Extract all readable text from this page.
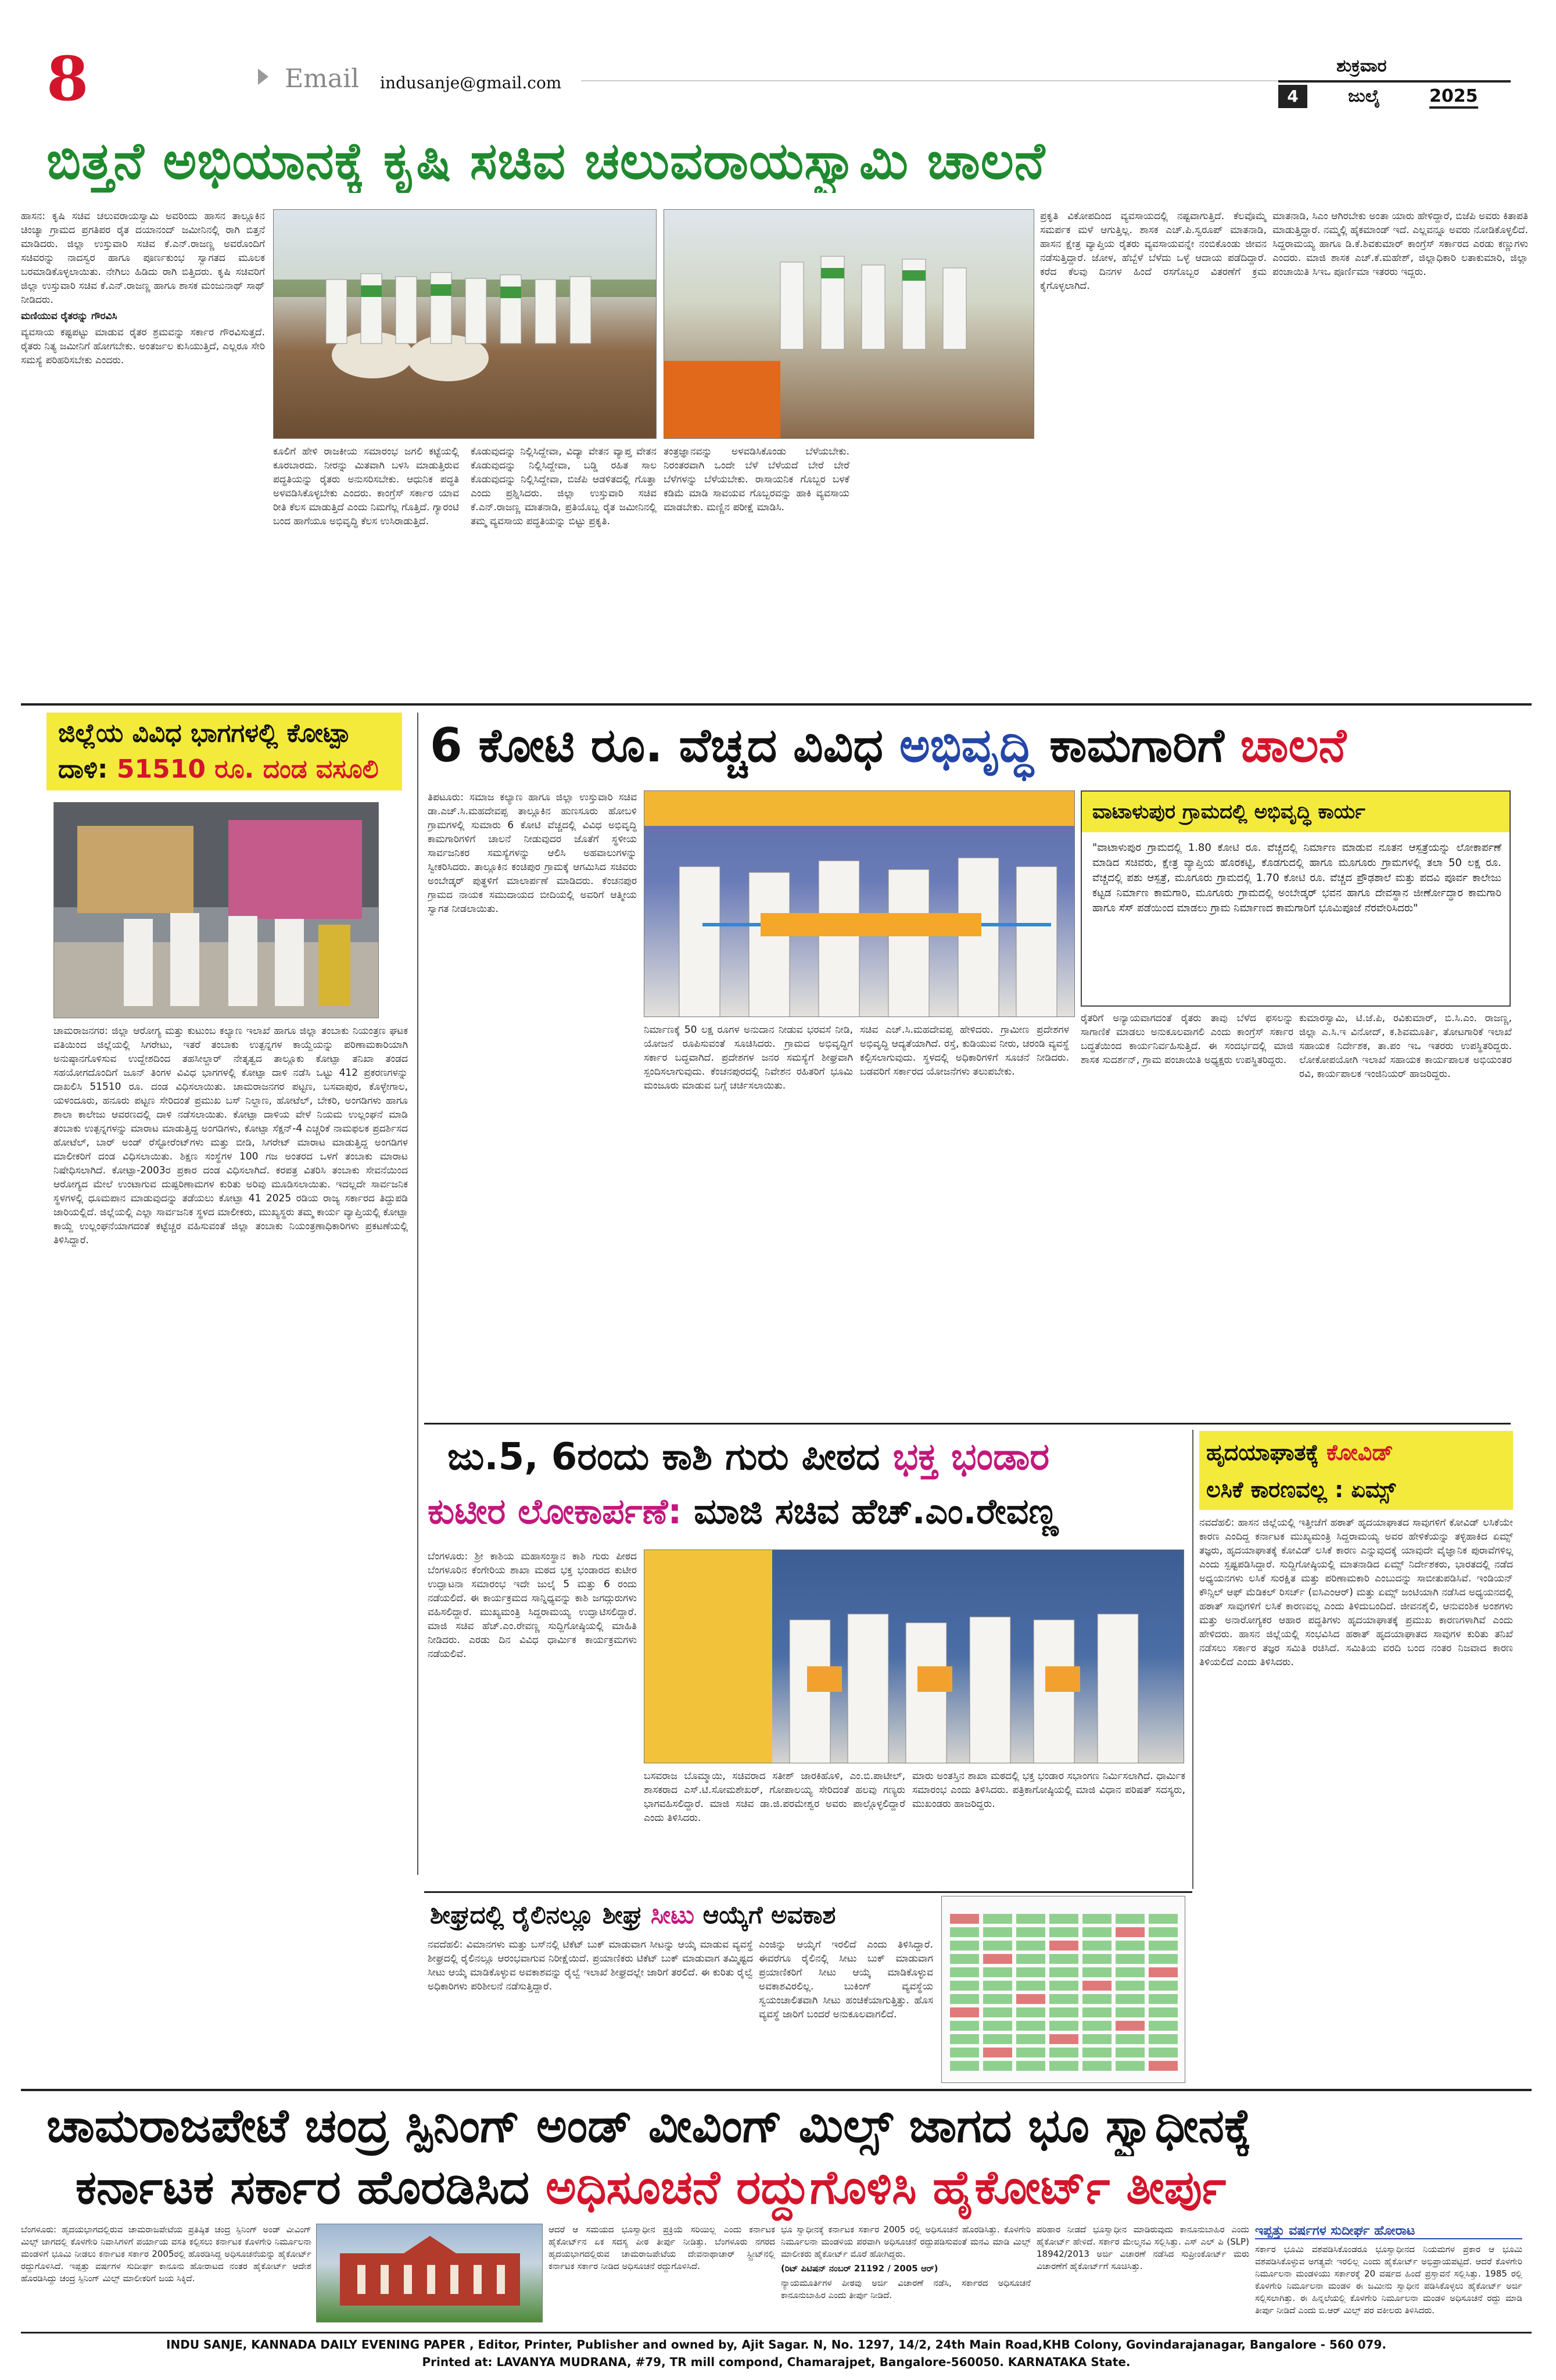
8	Email indusanje@gmail.com
ಶುಕ್ರವಾರ
4	ಜುಲೈ	2025
ಬಿತ್ತನೆ ಅಭಿಯಾನಕ್ಕೆ ಕೃಷಿ ಸಚಿವ ಚಲುವರಾಯಸ್ವಾಮಿ ಚಾಲನೆ

ಹಾಸನ: ಕೃಷಿ ಸಚಿವ ಚಲುವರಾಯಸ್ವಾಮಿ ಅವರಿಂದು ಹಾಸನ ತಾಲ್ಲೂಕಿನ ಚಿಂಚ್ಯಾ ಗ್ರಾಮದ ಪ್ರಗತಿಪರ ರೈತ ದಯಾನಂದ್ ಜಮೀನಿನಲ್ಲಿ ರಾಗಿ ಬಿತ್ತನೆ ಮಾಡಿದರು. ಜಿಲ್ಲಾ ಉಸ್ತುವಾರಿ ಸಚಿವ ಕೆ.ಎನ್.ರಾಜಣ್ಣ ಅವರೊಂದಿಗೆ ಸಚಿವರನ್ನು ನಾದಸ್ವರ ಹಾಗೂ ಪೂರ್ಣಕುಂಭ ಸ್ವಾಗತದ ಮೂಲಕ ಬರಮಾಡಿಕೊಳ್ಳಲಾಯಿತು. ನೇಗಿಲು ಹಿಡಿದು ರಾಗಿ ಬಿತ್ತಿದರು. ಕೃಷಿ ಸಚಿವರಿಗೆ ಜಿಲ್ಲಾ ಉಸ್ತುವಾರಿ ಸಚಿವ ಕೆ.ಎನ್.ರಾಜಣ್ಣ ಹಾಗೂ ಶಾಸಕ ಮಂಜುನಾಥ್ ಸಾಥ್ ನೀಡಿದರು.

ಮಣಿಯುವ ರೈತರನ್ನು ಗೌರವಿಸಿ

ವ್ಯವಸಾಯ ಕಷ್ಟಪಟ್ಟು ಮಾಡುವ ರೈತರ ಶ್ರಮವನ್ನು ಸರ್ಕಾರ ಗೌರವಿಸುತ್ತದೆ. ರೈತರು ನಿತ್ಯ ಜಮೀನಿಗೆ ಹೋಗಬೇಕು. ಅಂತರ್ಜಲ ಕುಸಿಯುತ್ತಿದೆ, ಎಲ್ಲರೂ ಸೇರಿ ಸಮಸ್ಯೆ ಪರಿಹರಿಸಬೇಕು ಎಂದರು.

ಕೂಲಿಗೆ ಹೇಳಿ ರಾಜಕೀಯ ಸಮಾರಂಭ ಜಗಲಿ ಕಟ್ಟೆಯಲ್ಲಿ ಕೂರಬಾರದು. ನೀರನ್ನು ಮಿತವಾಗಿ ಬಳಸಿ ಮಾಡುತ್ತಿರುವ ಪದ್ಧತಿಯನ್ನು ರೈತರು ಅನುಸರಿಸಬೇಕು. ಆಧುನಿಕ ಪದ್ಧತಿ ಅಳವಡಿಸಿಕೊಳ್ಳಬೇಕು ಎಂದರು. ಕಾಂಗ್ರೆಸ್ ಸರ್ಕಾರ ಯಾವ ರೀತಿ ಕೆಲಸ ಮಾಡುತ್ತಿದೆ ಎಂದು ನಿಮಗೆಲ್ಲ ಗೊತ್ತಿದೆ. ಗ್ಯಾರಂಟಿ ಬಂದ ಹಾಗೆಯೂ ಅಭಿವೃದ್ಧಿ ಕೆಲಸ ಉಸಿರಾಡುತ್ತಿದೆ.
ಕೊಡುವುದನ್ನು ನಿಲ್ಲಿಸಿದ್ದೇವಾ, ವಿದ್ಯಾ ವೇತನ ವ್ಯಾಪ್ತ ವೇತನ ಕೊಡುವುದನ್ನು ನಿಲ್ಲಿಸಿದ್ದೇವಾ, ಬಡ್ಡಿ ರಹಿತ ಸಾಲ ಕೊಡುವುದನ್ನು ನಿಲ್ಲಿಸಿದ್ದೇವಾ, ಬಿಜೆಪಿ ಆಡಳಿತದಲ್ಲಿ ಗೊತ್ತಾ ಎಂದು ಪ್ರಶ್ನಿಸಿದರು. ಜಿಲ್ಲಾ ಉಸ್ತುವಾರಿ ಸಚಿವ ಕೆ.ಎನ್.ರಾಜಣ್ಣ ಮಾತನಾಡಿ, ಪ್ರತಿಯೊಬ್ಬ ರೈತ ಜಮೀನಿನಲ್ಲಿ ತಮ್ಮ ವ್ಯವಸಾಯ ಪದ್ಧತಿಯನ್ನು ಬಿಟ್ಟು ಪ್ರಕೃತಿ.
ತಂತ್ರಜ್ಞಾನವನ್ನು ಅಳವಡಿಸಿಕೊಂಡು ಬೆಳೆಯಬೇಕು. ನಿರಂತರವಾಗಿ ಒಂದೇ ಬೆಳೆ ಬೆಳೆಯದೆ ಬೇರೆ ಬೇರೆ ಬೆಳೆಗಳನ್ನು ಬೆಳೆಯಬೇಕು. ರಾಸಾಯನಿಕ ಗೊಬ್ಬರ ಬಳಕೆ ಕಡಿಮೆ ಮಾಡಿ ಸಾವಯವ ಗೊಬ್ಬರವನ್ನು ಹಾಕಿ ವ್ಯವಸಾಯ ಮಾಡಬೇಕು. ಮಣ್ಣಿನ ಪರೀಕ್ಷೆ ಮಾಡಿಸಿ.
ಪ್ರಕೃತಿ ವಿಕೋಪದಿಂದ ವ್ಯವಸಾಯದಲ್ಲಿ ನಷ್ಟವಾಗುತ್ತಿದೆ. ಕೆಲವೊಮ್ಮೆ ಸಮರ್ಪಕ ಮಳೆ ಆಗುತ್ತಿಲ್ಲ. ಶಾಸಕ ಎಚ್.ಪಿ.ಸ್ವರೂಪ್ ಮಾತನಾಡಿ, ಹಾಸನ ಕ್ಷೇತ್ರ ವ್ಯಾಪ್ತಿಯ ರೈತರು ವ್ಯವಸಾಯವನ್ನೇ ನಂಬಿಕೊಂಡು ಜೀವನ ನಡೆಸುತ್ತಿದ್ದಾರೆ. ಜೋಳ, ಹೆಬ್ಬೆಳೆ ಬೆಳೆದು ಒಳ್ಳೆ ಆದಾಯ ಪಡೆದಿದ್ದಾರೆ. ಕರೆದ ಕೆಲವು ದಿನಗಳ ಹಿಂದೆ ರಸಗೊಬ್ಬರ ವಿತರಣೆಗೆ ಕ್ರಮ ಕೈಗೊಳ್ಳಲಾಗಿದೆ.
ಮಾತನಾಡಿ, ಸಿಎಂ ಆಗಿರಬೇಕು ಅಂತಾ ಯಾರು ಹೇಳಿದ್ದಾರೆ, ಬಿಜೆಪಿ ಅವರು ಕಿತಾಪತಿ ಮಾಡುತ್ತಿದ್ದಾರೆ. ನಮ್ಮಲ್ಲಿ ಹೈಕಮಾಂಡ್ ಇದೆ. ಎಲ್ಲವನ್ನೂ ಅವರು ನೋಡಿಕೊಳ್ಳಲಿದೆ. ಸಿದ್ದರಾಮಯ್ಯ ಹಾಗೂ ಡಿ.ಕೆ.ಶಿವಕುಮಾರ್ ಕಾಂಗ್ರೆಸ್ ಸರ್ಕಾರದ ಎರಡು ಕಣ್ಣುಗಳು ಎಂದರು. ಮಾಜಿ ಶಾಸಕ ಎಚ್.ಕೆ.ಮಹೇಶ್, ಜಿಲ್ಲಾಧಿಕಾರಿ ಲತಾಕುಮಾರಿ, ಜಿಲ್ಲಾ ಪಂಚಾಯಿತಿ ಸಿಇಒ ಪೂರ್ಣಿಮಾ ಇತರರು ಇದ್ದರು.
ಜಿಲ್ಲೆಯ ವಿವಿಧ ಭಾಗಗಳಲ್ಲಿ ಕೋಟ್ಪಾ
ದಾಳಿ: 51510 ರೂ. ದಂಡ ವಸೂಲಿ
ಚಾಮರಾಜನಗರ: ಜಿಲ್ಲಾ ಆರೋಗ್ಯ ಮತ್ತು ಕುಟುಂಬ ಕಲ್ಯಾಣ ಇಲಾಖೆ ಹಾಗೂ ಜಿಲ್ಲಾ ತಂಬಾಕು ನಿಯಂತ್ರಣ ಘಟಕ ವತಿಯಿಂದ ಜಿಲ್ಲೆಯಲ್ಲಿ ಸಿಗರೇಟು, ಇತರೆ ತಂಬಾಕು ಉತ್ಪನ್ನಗಳ ಕಾಯ್ದೆಯನ್ನು ಪರಿಣಾಮಕಾರಿಯಾಗಿ ಅನುಷ್ಠಾನಗೊಳಿಸುವ ಉದ್ದೇಶದಿಂದ ತಹಸೀಲ್ದಾರ್ ನೇತೃತ್ವದ ತಾಲ್ಲೂಕು ಕೋಟ್ಪಾ ತನಿಖಾ ತಂಡದ ಸಹಯೋಗದೊಂದಿಗೆ ಜೂನ್ ತಿಂಗಳ ವಿವಿಧ ಭಾಗಗಳಲ್ಲಿ ಕೋಟ್ಪಾ ದಾಳಿ ನಡೆಸಿ ಒಟ್ಟು 412 ಪ್ರಕರಣಗಳನ್ನು ದಾಖಲಿಸಿ 51510 ರೂ. ದಂಡ ವಿಧಿಸಲಾಯಿತು. ಚಾಮರಾಜನಗರ ಪಟ್ಟಣ, ಬಸವಾಪುರ, ಕೊಳ್ಳೇಗಾಲ, ಯಳಂದೂರು, ಹನೂರು ಪಟ್ಟಣ ಸೇರಿದಂತೆ ಪ್ರಮುಖ ಬಸ್ ನಿಲ್ದಾಣ, ಹೋಟೆಲ್, ಬೇಕರಿ, ಅಂಗಡಿಗಳು ಹಾಗೂ ಶಾಲಾ ಕಾಲೇಜು ಆವರಣದಲ್ಲಿ ದಾಳಿ ನಡೆಸಲಾಯಿತು. ಕೋಟ್ಪಾ ದಾಳಿಯ ವೇಳೆ ನಿಯಮ ಉಲ್ಲಂಘನೆ ಮಾಡಿ ತಂಬಾಕು ಉತ್ಪನ್ನಗಳನ್ನು ಮಾರಾಟ ಮಾಡುತ್ತಿದ್ದ ಅಂಗಡಿಗಳು, ಕೋಟ್ಪಾ ಸೆಕ್ಷನ್-4 ಎಚ್ಚರಿಕೆ ನಾಮಫಲಕ ಪ್ರದರ್ಶಿಸದ ಹೋಟೆಲ್, ಬಾರ್ ಅಂಡ್ ರೆಸ್ಟೋರೆಂಟ್‌ಗಳು ಮತ್ತು ಬೀಡಿ, ಸಿಗರೇಟ್ ಮಾರಾಟ ಮಾಡುತ್ತಿದ್ದ ಅಂಗಡಿಗಳ ಮಾಲೀಕರಿಗೆ ದಂಡ ವಿಧಿಸಲಾಯಿತು. ಶಿಕ್ಷಣ ಸಂಸ್ಥೆಗಳ 100 ಗಜ ಅಂತರದ ಒಳಗೆ ತಂಬಾಕು ಮಾರಾಟ ನಿಷೇಧಿಸಲಾಗಿದೆ. ಕೋಟ್ಪಾ-2003ರ ಪ್ರಕಾರ ದಂಡ ವಿಧಿಸಲಾಗಿದೆ. ಕರಪತ್ರ ವಿತರಿಸಿ ತಂಬಾಕು ಸೇವನೆಯಿಂದ ಆರೋಗ್ಯದ ಮೇಲೆ ಉಂಟಾಗುವ ದುಷ್ಪರಿಣಾಮಗಳ ಕುರಿತು ಅರಿವು ಮೂಡಿಸಲಾಯಿತು. ಇದಲ್ಲದೇ ಸಾರ್ವಜನಿಕ ಸ್ಥಳಗಳಲ್ಲಿ ಧೂಮಪಾನ ಮಾಡುವುದನ್ನು ತಡೆಯಲು ಕೋಟ್ಪಾ 41 2025 ರಡಿಯ ರಾಜ್ಯ ಸರ್ಕಾರದ ತಿದ್ದುಪಡಿ ಜಾರಿಯಲ್ಲಿದೆ. ಜಿಲ್ಲೆಯಲ್ಲಿ ಎಲ್ಲಾ ಸಾರ್ವಜನಿಕ ಸ್ಥಳದ ಮಾಲೀಕರು, ಮುಖ್ಯಸ್ಥರು ತಮ್ಮ ಕಾರ್ಯ ವ್ಯಾಪ್ತಿಯಲ್ಲಿ ಕೋಟ್ಪಾ ಕಾಯ್ದೆ ಉಲ್ಲಂಘನೆಯಾಗದಂತೆ ಕಟ್ಟೆಚ್ಚರ ವಹಿಸುವಂತೆ ಜಿಲ್ಲಾ ತಂಬಾಕು ನಿಯಂತ್ರಣಾಧಿಕಾರಿಗಳು ಪ್ರಕಟಣೆಯಲ್ಲಿ ತಿಳಿಸಿದ್ದಾರೆ.
6 ಕೋಟಿ ರೂ. ವೆಚ್ಚದ ವಿವಿಧ ಅಭಿವೃದ್ಧಿ ಕಾಮಗಾರಿಗೆ ಚಾಲನೆ
ತಿಪಟೂರು: ಸಮಾಜ ಕಲ್ಯಾಣ ಹಾಗೂ ಜಿಲ್ಲಾ ಉಸ್ತುವಾರಿ ಸಚಿವ ಡಾ.ಎಚ್.ಸಿ.ಮಹದೇವಪ್ಪ ತಾಲ್ಲೂಕಿನ ಹುಣಸೂರು ಹೋಬಳಿ ಗ್ರಾಮಗಳಲ್ಲಿ ಸುಮಾರು 6 ಕೋಟಿ ವೆಚ್ಚದಲ್ಲಿ ವಿವಿಧ ಅಭಿವೃದ್ಧಿ ಕಾಮಗಾರಿಗಳಿಗೆ ಚಾಲನೆ ನೀಡುವುದರ ಜೊತೆಗೆ ಸ್ಥಳೀಯ ಸಾರ್ವಜನಿಕರ ಸಮಸ್ಯೆಗಳನ್ನು ಆಲಿಸಿ ಅಹವಾಲುಗಳನ್ನು ಸ್ವೀಕರಿಸಿದರು. ತಾಲ್ಲೂಕಿನ ಕಂಚಿಪುರ ಗ್ರಾಮಕ್ಕೆ ಆಗಮಿಸಿದ ಸಚಿವರು ಅಂಬೇಡ್ಕರ್ ಪುತ್ಥಳಿಗೆ ಮಾಲಾರ್ಪಣೆ ಮಾಡಿದರು. ಕೆಂಚನಪುರ ಗ್ರಾಮದ ನಾಯಕ ಸಮುದಾಯದ ಬೀದಿಯಲ್ಲಿ ಅವರಿಗೆ ಆತ್ಮೀಯ ಸ್ವಾಗತ ನೀಡಲಾಯಿತು.
ವಾಟಾಳುಪುರ ಗ್ರಾಮದಲ್ಲಿ ಅಭಿವೃದ್ಧಿ ಕಾರ್ಯ
"ವಾಟಾಳುಪುರ ಗ್ರಾಮದಲ್ಲಿ 1.80 ಕೋಟಿ ರೂ. ವೆಚ್ಚದಲ್ಲಿ ನಿರ್ಮಾಣ ಮಾಡುವ ನೂತನ ಆಸ್ಪತ್ರೆಯನ್ನು ಲೋಕಾರ್ಪಣೆ ಮಾಡಿದ ಸಚಿವರು, ಕ್ಷೇತ್ರ ವ್ಯಾಪ್ತಿಯ ಹೊರಕಟ್ಟಿ, ಕೊಡಗುದಲ್ಲಿ ಹಾಗೂ ಮೂಗೂರು ಗ್ರಾಮಗಳಲ್ಲಿ ತಲಾ 50 ಲಕ್ಷ ರೂ. ವೆಚ್ಚದಲ್ಲಿ ಪಶು ಆಸ್ಪತ್ರೆ, ಮೂಗೂರು ಗ್ರಾಮದಲ್ಲಿ 1.70 ಕೋಟಿ ರೂ. ವೆಚ್ಚದ ಪ್ರೌಢಶಾಲೆ ಮತ್ತು ಪದವಿ ಪೂರ್ವ ಕಾಲೇಜು ಕಟ್ಟಡ ನಿರ್ಮಾಣ ಕಾಮಗಾರಿ, ಮೂಗೂರು ಗ್ರಾಮದಲ್ಲಿ ಅಂಬೇಡ್ಕರ್ ಭವನ ಹಾಗೂ ದೇವಸ್ಥಾನ ಜೀರ್ಣೋದ್ಧಾರ ಕಾಮಗಾರಿ ಹಾಗೂ ಸೆಸ್ ಪಡೆಯಿಂದ ಮಾಡಲು ಗ್ರಾಮ ನಿರ್ಮಾಣದ ಕಾಮಗಾರಿಗೆ ಭೂಮಿಪೂಜೆ ನೆರವೇರಿಸಿದರು"
ನಿರ್ಮಾಣಕ್ಕೆ 50 ಲಕ್ಷ ರೂಗಳ ಅನುದಾನ ನೀಡುವ ಭರವಸೆ ನೀಡಿ, ಯೋಜನೆ ರೂಪಿಸುವಂತೆ ಸೂಚಿಸಿದರು. ಗ್ರಾಮದ ಅಭಿವೃದ್ಧಿಗೆ ಸರ್ಕಾರ ಬದ್ಧವಾಗಿದೆ. ಪ್ರದೇಶಗಳ ಜನರ ಸಮಸ್ಯೆಗೆ ಶೀಘ್ರವಾಗಿ ಸ್ಪಂದಿಸಲಾಗುವುದು. ಕೆಂಚನಪುರದಲ್ಲಿ ನಿವೇಶನ ರಹಿತರಿಗೆ ಭೂಮಿ ಮಂಜೂರು ಮಾಡುವ ಬಗ್ಗೆ ಚರ್ಚಿಸಲಾಯಿತು.
ಸಚಿವ ಎಚ್.ಸಿ.ಮಹದೇವಪ್ಪ ಹೇಳಿದರು. ಗ್ರಾಮೀಣ ಪ್ರದೇಶಗಳ ಅಭಿವೃದ್ಧಿ ಆದ್ಯತೆಯಾಗಿದೆ. ರಸ್ತೆ, ಕುಡಿಯುವ ನೀರು, ಚರಂಡಿ ವ್ಯವಸ್ಥೆ ಕಲ್ಪಿಸಲಾಗುವುದು. ಸ್ಥಳದಲ್ಲಿ ಅಧಿಕಾರಿಗಳಿಗೆ ಸೂಚನೆ ನೀಡಿದರು. ಬಡವರಿಗೆ ಸರ್ಕಾರದ ಯೋಜನೆಗಳು ತಲುಪಬೇಕು.
ರೈತರಿಗೆ ಅನ್ಯಾಯವಾಗದಂತೆ ರೈತರು ತಾವು ಬೆಳೆದ ಫಸಲನ್ನು ಸಾಗಾಣಿಕೆ ಮಾಡಲು ಅನುಕೂಲವಾಗಲಿ ಎಂದು ಕಾಂಗ್ರೆಸ್ ಸರ್ಕಾರ ಬದ್ಧತೆಯಿಂದ ಕಾರ್ಯನಿರ್ವಹಿಸುತ್ತಿದೆ. ಈ ಸಂದರ್ಭದಲ್ಲಿ ಮಾಜಿ ಶಾಸಕ ಸುದರ್ಶನ್, ಗ್ರಾಮ ಪಂಚಾಯಿತಿ ಅಧ್ಯಕ್ಷರು ಉಪಸ್ಥಿತರಿದ್ದರು.
ಕುಮಾರಸ್ವಾಮಿ, ಟಿ.ಜೆ.ಪಿ, ರವಿಕುಮಾರ್, ಬಿ.ಸಿ.ಎಂ. ರಾಜಣ್ಣ, ಜಿಲ್ಲಾ ಎ.ಸಿ.ಇ ವಿನೋದ್, ಕ.ಶಿವಮೂರ್ತಿ, ತೋಟಗಾರಿಕೆ ಇಲಾಖೆ ಸಹಾಯಕ ನಿರ್ದೇಶಕ, ತಾ.ಪಂ ಇಒ ಇತರರು ಉಪಸ್ಥಿತರಿದ್ದರು. ಲೋಕೋಪಯೋಗಿ ಇಲಾಖೆ ಸಹಾಯಕ ಕಾರ್ಯಪಾಲಕ ಅಭಿಯಂತರ ರವಿ, ಕಾರ್ಯಪಾಲಕ ಇಂಜಿನಿಯರ್ ಹಾಜರಿದ್ದರು.
ಜು.5, 6ರಂದು ಕಾಶಿ ಗುರು ಪೀಠದ ಭಕ್ತ ಭಂಡಾರ
ಕುಟೀರ ಲೋಕಾರ್ಪಣೆ: ಮಾಜಿ ಸಚಿವ ಹೆಚ್.ಎಂ.ರೇವಣ್ಣ
ಬೆಂಗಳೂರು: ಶ್ರೀ ಕಾಶಿಯ ಮಹಾಸಂಸ್ಥಾನ ಕಾಶಿ ಗುರು ಪೀಠದ ಬೆಂಗಳೂರಿನ ಕೆಂಗೇರಿಯ ಶಾಖಾ ಮಠದ ಭಕ್ತ ಭಂಡಾರದ ಕುಟೀರ ಉದ್ಘಾಟನಾ ಸಮಾರಂಭ ಇದೇ ಜುಲೈ 5 ಮತ್ತು 6 ರಂದು ನಡೆಯಲಿದೆ. ಈ ಕಾರ್ಯಕ್ರಮದ ಸಾನ್ನಿಧ್ಯವನ್ನು ಕಾಶಿ ಜಗದ್ಗುರುಗಳು ವಹಿಸಲಿದ್ದಾರೆ. ಮುಖ್ಯಮಂತ್ರಿ ಸಿದ್ದರಾಮಯ್ಯ ಉದ್ಘಾಟಿಸಲಿದ್ದಾರೆ. ಮಾಜಿ ಸಚಿವ ಹೆಚ್.ಎಂ.ರೇವಣ್ಣ ಸುದ್ದಿಗೋಷ್ಠಿಯಲ್ಲಿ ಮಾಹಿತಿ ನೀಡಿದರು. ಎರಡು ದಿನ ವಿವಿಧ ಧಾರ್ಮಿಕ ಕಾರ್ಯಕ್ರಮಗಳು ನಡೆಯಲಿವೆ.
ಬಸವರಾಜ ಬೊಮ್ಮಾಯಿ, ಸಚಿವರಾದ ಸತೀಶ್ ಜಾರಕಿಹೊಳಿ, ಎಂ.ಬಿ.ಪಾಟೀಲ್, ಶಾಸಕರಾದ ಎಸ್.ಟಿ.ಸೋಮಶೇಖರ್, ಗೋಪಾಲಯ್ಯ ಸೇರಿದಂತೆ ಹಲವು ಗಣ್ಯರು ಭಾಗವಹಿಸಲಿದ್ದಾರೆ. ಮಾಜಿ ಸಚಿವ ಡಾ.ಜಿ.ಪರಮೇಶ್ವರ ಅವರು ಪಾಲ್ಗೊಳ್ಳಲಿದ್ದಾರೆ ಎಂದು ತಿಳಿಸಿದರು.
ಮಾರು ಅಂತಸ್ತಿನ ಶಾಖಾ ಮಠದಲ್ಲಿ ಭಕ್ತ ಭಂಡಾರ ಸಭಾಂಗಣ ನಿರ್ಮಿಸಲಾಗಿದೆ. ಧಾರ್ಮಿಕ ಸಮಾರಂಭ ಎಂದು ತಿಳಿಸಿದರು. ಪತ್ರಿಕಾಗೋಷ್ಠಿಯಲ್ಲಿ ಮಾಜಿ ವಿಧಾನ ಪರಿಷತ್ ಸದಸ್ಯರು, ಮುಖಂಡರು ಹಾಜರಿದ್ದರು.
ಹೃದಯಾಘಾತಕ್ಕೆ ಕೋವಿಡ್
ಲಸಿಕೆ ಕಾರಣವಲ್ಲ : ಏಮ್ಸ್
ನವದೆಹಲಿ: ಹಾಸನ ಜಿಲ್ಲೆಯಲ್ಲಿ ಇತ್ತೀಚೆಗೆ ಹಠಾತ್ ಹೃದಯಾಘಾತದ ಸಾವುಗಳಿಗೆ ಕೋವಿಡ್ ಲಸಿಕೆಯೇ ಕಾರಣ ಎಂದಿದ್ದ ಕರ್ನಾಟಕ ಮುಖ್ಯಮಂತ್ರಿ ಸಿದ್ದರಾಮಯ್ಯ ಅವರ ಹೇಳಿಕೆಯನ್ನು ತಳ್ಳಿಹಾಕಿದ ಏಮ್ಸ್ ತಜ್ಞರು, ಹೃದಯಾಘಾತಕ್ಕೆ ಕೋವಿಡ್ ಲಸಿಕೆ ಕಾರಣ ಎನ್ನುವುದಕ್ಕೆ ಯಾವುದೇ ವೈಜ್ಞಾನಿಕ ಪುರಾವೆಗಳಿಲ್ಲ ಎಂದು ಸ್ಪಷ್ಟಪಡಿಸಿದ್ದಾರೆ. ಸುದ್ದಿಗೋಷ್ಠಿಯಲ್ಲಿ ಮಾತನಾಡಿದ ಏಮ್ಸ್ ನಿರ್ದೇಶಕರು, ಭಾರತದಲ್ಲಿ ನಡೆದ ಅಧ್ಯಯನಗಳು ಲಸಿಕೆ ಸುರಕ್ಷಿತ ಮತ್ತು ಪರಿಣಾಮಕಾರಿ ಎಂಬುದನ್ನು ಸಾಬೀತುಪಡಿಸಿವೆ. ಇಂಡಿಯನ್ ಕೌನ್ಸಿಲ್ ಆಫ್ ಮೆಡಿಕಲ್ ರಿಸರ್ಚ್ (ಐಸಿಎಂಆರ್) ಮತ್ತು ಏಮ್ಸ್ ಜಂಟಿಯಾಗಿ ನಡೆಸಿದ ಅಧ್ಯಯನದಲ್ಲಿ ಹಠಾತ್ ಸಾವುಗಳಿಗೆ ಲಸಿಕೆ ಕಾರಣವಲ್ಲ ಎಂದು ತಿಳಿದುಬಂದಿದೆ. ಜೀವನಶೈಲಿ, ಆನುವಂಶಿಕ ಅಂಶಗಳು ಮತ್ತು ಅನಾರೋಗ್ಯಕರ ಆಹಾರ ಪದ್ಧತಿಗಳು ಹೃದಯಾಘಾತಕ್ಕೆ ಪ್ರಮುಖ ಕಾರಣಗಳಾಗಿವೆ ಎಂದು ಹೇಳಿದರು. ಹಾಸನ ಜಿಲ್ಲೆಯಲ್ಲಿ ಸಂಭವಿಸಿದ ಹಠಾತ್ ಹೃದಯಾಘಾತದ ಸಾವುಗಳ ಕುರಿತು ತನಿಖೆ ನಡೆಸಲು ಸರ್ಕಾರ ತಜ್ಞರ ಸಮಿತಿ ರಚಿಸಿದೆ. ಸಮಿತಿಯ ವರದಿ ಬಂದ ನಂತರ ನಿಜವಾದ ಕಾರಣ ತಿಳಿಯಲಿದೆ ಎಂದು ತಿಳಿಸಿದರು.
ಶೀಘ್ರದಲ್ಲಿ ರೈಲಿನಲ್ಲೂ ಶೀಘ್ರ ಸೀಟು ಆಯ್ಕೆಗೆ ಅವಕಾಶ
ನವದೆಹಲಿ: ವಿಮಾನಗಳು ಮತ್ತು ಬಸ್‌ನಲ್ಲಿ ಟಿಕೆಟ್ ಬುಕ್ ಮಾಡುವಾಗ ಸೀಟನ್ನು ಆಯ್ಕೆ ಮಾಡುವ ವ್ಯವಸ್ಥೆ ಶೀಘ್ರದಲ್ಲಿ ರೈಲಿನಲ್ಲೂ ಆರಂಭವಾಗುವ ನಿರೀಕ್ಷೆಯಿದೆ. ಪ್ರಯಾಣಿಕರು ಟಿಕೆಟ್ ಬುಕ್ ಮಾಡುವಾಗ ತಮ್ಮಿಷ್ಟದ ಸೀಟು ಆಯ್ಕೆ ಮಾಡಿಕೊಳ್ಳುವ ಅವಕಾಶವನ್ನು ರೈಲ್ವೆ ಇಲಾಖೆ ಶೀಘ್ರದಲ್ಲೇ ಜಾರಿಗೆ ತರಲಿದೆ. ಈ ಕುರಿತು ರೈಲ್ವೆ ಅಧಿಕಾರಿಗಳು ಪರಿಶೀಲನೆ ನಡೆಸುತ್ತಿದ್ದಾರೆ.
ಎಂಜಿನ್ನು ಆಯ್ಕೆಗೆ ಇರಲಿದೆ ಎಂದು ತಿಳಿಸಿದ್ದಾರೆ. ಈವರೆಗೂ ರೈಲಿನಲ್ಲಿ ಸೀಟು ಬುಕ್ ಮಾಡುವಾಗ ಪ್ರಯಾಣಿಕರಿಗೆ ಸೀಟು ಆಯ್ಕೆ ಮಾಡಿಕೊಳ್ಳುವ ಅವಕಾಶವಿರಲಿಲ್ಲ. ಬುಕಿಂಗ್ ವ್ಯವಸ್ಥೆಯ ಸ್ವಯಂಚಾಲಿತವಾಗಿ ಸೀಟು ಹಂಚಿಕೆಯಾಗುತ್ತಿತ್ತು. ಹೊಸ ವ್ಯವಸ್ಥೆ ಜಾರಿಗೆ ಬಂದರೆ ಅನುಕೂಲವಾಗಲಿದೆ.
ಚಾಮರಾಜಪೇಟೆ ಚಂದ್ರ ಸ್ಪಿನಿಂಗ್ ಅಂಡ್ ವೀವಿಂಗ್ ಮಿಲ್ಸ್ ಜಾಗದ ಭೂ ಸ್ವಾಧೀನಕ್ಕೆ
ಕರ್ನಾಟಕ ಸರ್ಕಾರ ಹೊರಡಿಸಿದ ಅಧಿಸೂಚನೆ ರದ್ದುಗೊಳಿಸಿ ಹೈಕೋರ್ಟ್ ತೀರ್ಪು
ಬೆಂಗಳೂರು: ಹೃದಯಭಾಗದಲ್ಲಿರುವ ಚಾಮರಾಜಪೇಟೆಯ ಪ್ರತಿಷ್ಠಿತ ಚಂದ್ರ ಸ್ಪಿನಿಂಗ್ ಅಂಡ್ ವೀವಿಂಗ್ ಮಿಲ್ಸ್ ಜಾಗದಲ್ಲಿ ಕೊಳಗೇರಿ ನಿವಾಸಿಗಳಿಗೆ ಪರ್ಯಾಯ ವಸತಿ ಕಲ್ಪಿಸಲು ಕರ್ನಾಟಕ ಕೊಳಗೇರಿ ನಿರ್ಮೂಲನಾ ಮಂಡಳಿಗೆ ಭೂಮಿ ನೀಡಲು ಕರ್ನಾಟಕ ಸರ್ಕಾರ 2005ರಲ್ಲಿ ಹೊರಡಿಸಿದ್ದ ಅಧಿಸೂಚನೆಯನ್ನು ಹೈಕೋರ್ಟ್ ರದ್ದುಗೊಳಿಸಿದೆ. ಇಪ್ಪತ್ತು ವರ್ಷಗಳ ಸುದೀರ್ಘ ಕಾನೂನು ಹೋರಾಟದ ನಂತರ ಹೈಕೋರ್ಟ್ ಆದೇಶ ಹೊರಡಿಸಿದ್ದು ಚಂದ್ರ ಸ್ಪಿನಿಂಗ್ ಮಿಲ್ಸ್ ಮಾಲೀಕರಿಗೆ ಜಯ ಸಿಕ್ಕಿದೆ.
ಆದರೆ ಆ ಸಮಯದ ಭೂಸ್ವಾಧೀನ ಪ್ರಕ್ರಿಯೆ ಸರಿಯಿಲ್ಲ ಎಂದು ಕರ್ನಾಟಕ ಹೈಕೋರ್ಟ್‌ನ ಏಕ ಸದಸ್ಯ ಪೀಠ ತೀರ್ಪು ನೀಡಿತ್ತು. ಬೆಂಗಳೂರು ನಗರದ ಹೃದಯಭಾಗದಲ್ಲಿರುವ ಚಾಮರಾಜಪೇಟೆಯ ದೇವನಾಥಾಚಾರ್ ಸ್ಟ್ರೀಟ್‌ನಲ್ಲಿ ಕರ್ನಾಟಕ ಸರ್ಕಾರ ನೀಡಿದ ಅಧಿಸೂಚನೆ ರದ್ದುಗೊಳಿಸಿದೆ.

ಭೂ ಸ್ವಾಧೀನಕ್ಕೆ ಕರ್ನಾಟಕ ಸರ್ಕಾರ 2005 ರಲ್ಲಿ ಅಧಿಸೂಚನೆ ಹೊರಡಿಸಿತ್ತು. ಕೊಳಗೇರಿ ನಿರ್ಮೂಲನಾ ಮಂಡಳಿಯ ಪರವಾಗಿ ಅಧಿಸೂಚನೆ ರದ್ದುಪಡಿಸುವಂತೆ ಮನವಿ ಮಾಡಿ ಮಿಲ್ಸ್ ಮಾಲೀಕರು ಹೈಕೋರ್ಟ್ ಮೊರೆ ಹೋಗಿದ್ದರು.

(ರಿಟ್ ಪಿಟಿಷನ್ ನಂಬರ್ 21192 / 2005 ಆರ್)

ನ್ಯಾಯಮೂರ್ತಿಗಳ ಪೀಠವು ಅರ್ಜಿ ವಿಚಾರಣೆ ನಡೆಸಿ, ಸರ್ಕಾರದ ಅಧಿಸೂಚನೆ ಕಾನೂನುಬಾಹಿರ ಎಂದು ತೀರ್ಪು ನೀಡಿದೆ.

ಪರಿಹಾರ ನೀಡದೆ ಭೂಸ್ವಾಧೀನ ಮಾಡಿರುವುದು ಕಾನೂನುಬಾಹಿರ ಎಂದು ಹೈಕೋರ್ಟ್ ಹೇಳಿದೆ. ಸರ್ಕಾರ ಮೇಲ್ಮನವಿ ಸಲ್ಲಿಸಿತ್ತು. ಎಸ್ ಎಲ್ ಪಿ (SLP) 18942/2013 ಅರ್ಜಿ ವಿಚಾರಣೆ ನಡೆಸಿದ ಸುಪ್ರೀಂಕೋರ್ಟ್ ಮರು ವಿಚಾರಣೆಗೆ ಹೈಕೋರ್ಟ್‌ಗೆ ಸೂಚಿಸಿತ್ತು.
ಇಪ್ಪತ್ತು ವರ್ಷಗಳ ಸುದೀರ್ಘ ಹೋರಾಟ
ಸರ್ಕಾರ ಭೂಮಿ ವಶಪಡಿಸಿಕೊಂಡರೂ ಭೂಸ್ವಾಧೀನದ ನಿಯಮಗಳ ಪ್ರಕಾರ ಆ ಭೂಮಿ ವಶಪಡಿಸಿಕೊಳ್ಳುವ ಅಗತ್ಯವೇ ಇರಲಿಲ್ಲ ಎಂದು ಹೈಕೋರ್ಟ್ ಅಭಿಪ್ರಾಯಪಟ್ಟಿದೆ. ಆದರೆ ಕೊಳಗೇರಿ ನಿರ್ಮೂಲನಾ ಮಂಡಳಿಯು ಸರ್ಕಾರಕ್ಕೆ 20 ವರ್ಷದ ಹಿಂದೆ ಪ್ರಸ್ತಾವನೆ ಸಲ್ಲಿಸಿತ್ತು. 1985 ರಲ್ಲಿ ಕೊಳಗೇರಿ ನಿರ್ಮೂಲನಾ ಮಂಡಳಿ ಈ ಜಮೀನು ಸ್ವಾಧೀನ ಪಡಿಸಿಕೊಳ್ಳಲು ಹೈಕೋರ್ಟ್ ಅರ್ಜಿ ಸಲ್ಲಿಸಲಾಗಿತ್ತು. ಈ ಹಿನ್ನಲೆಯಲ್ಲಿ ಕೊಳಗೇರಿ ನಿರ್ಮೂಲನಾ ಮಂಡಳಿ ಅಧಿಸೂಚನೆ ರದ್ದು ಮಾಡಿ ತೀರ್ಪು ನೀಡಿದೆ ಎಂದು ಬಿ.ಆರ್ ಮಿಲ್ಸ್ ಪರ ವಕೀಲರು ತಿಳಿಸಿದರು.
INDU SANJE, KANNADA DAILY EVENING PAPER , Editor, Printer, Publisher and owned by, Ajit Sagar. N, No. 1297, 14/2, 24th Main Road,KHB Colony, Govindarajanagar, Bangalore - 560 079.
Printed at: LAVANYA MUDRANA, #79, TR mill compond, Chamarajpet, Bangalore-560050. KARNATAKA State.
